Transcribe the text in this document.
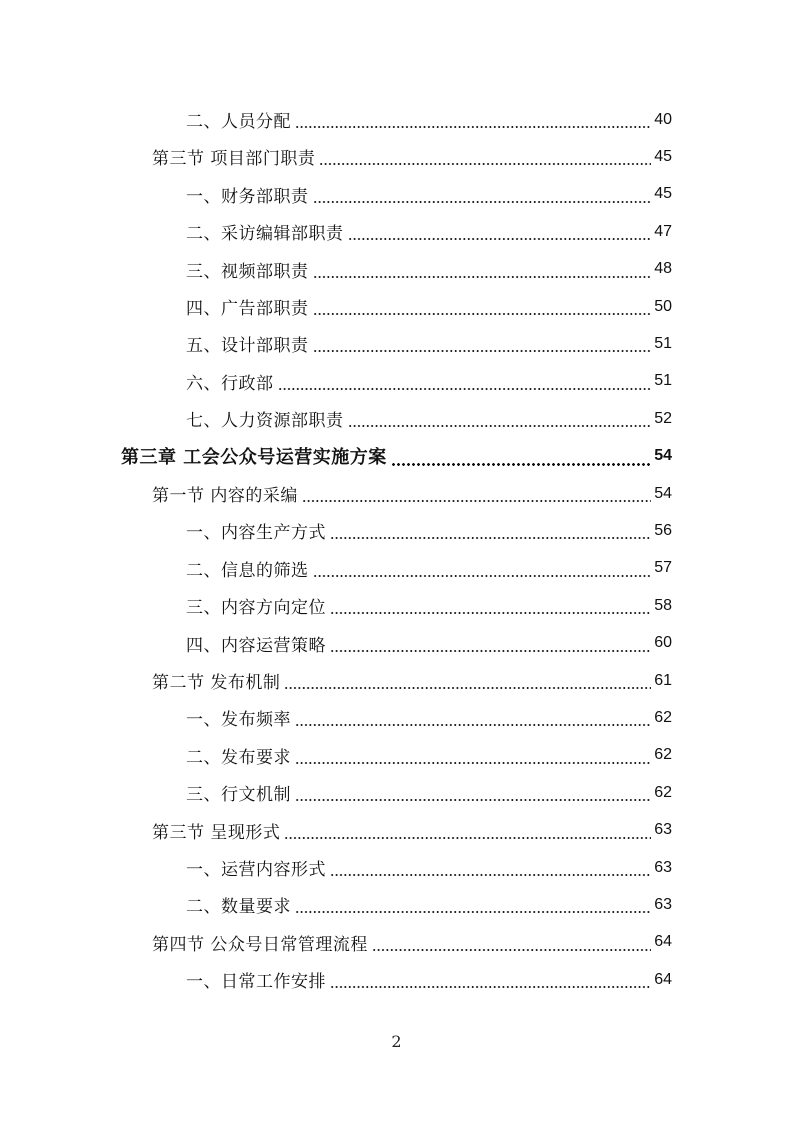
二、人员分配	40
第三节 项目部门职责	45
一、财务部职责	45
二、采访编辑部职责	47
三、视频部职责	48
四、广告部职责	50
五、设计部职责	51
六、行政部	51
七、人力资源部职责	52
第三章 工会公众号运营实施方案	54
第一节 内容的采编	54
一、内容生产方式	56
二、信息的筛选	57
三、内容方向定位	58
四、内容运营策略	60
第二节 发布机制	61
一、发布频率	62
二、发布要求	62
三、行文机制	62
第三节 呈现形式	63
一、运营内容形式	63
二、数量要求	63
第四节 公众号日常管理流程	64
一、日常工作安排	64
2
